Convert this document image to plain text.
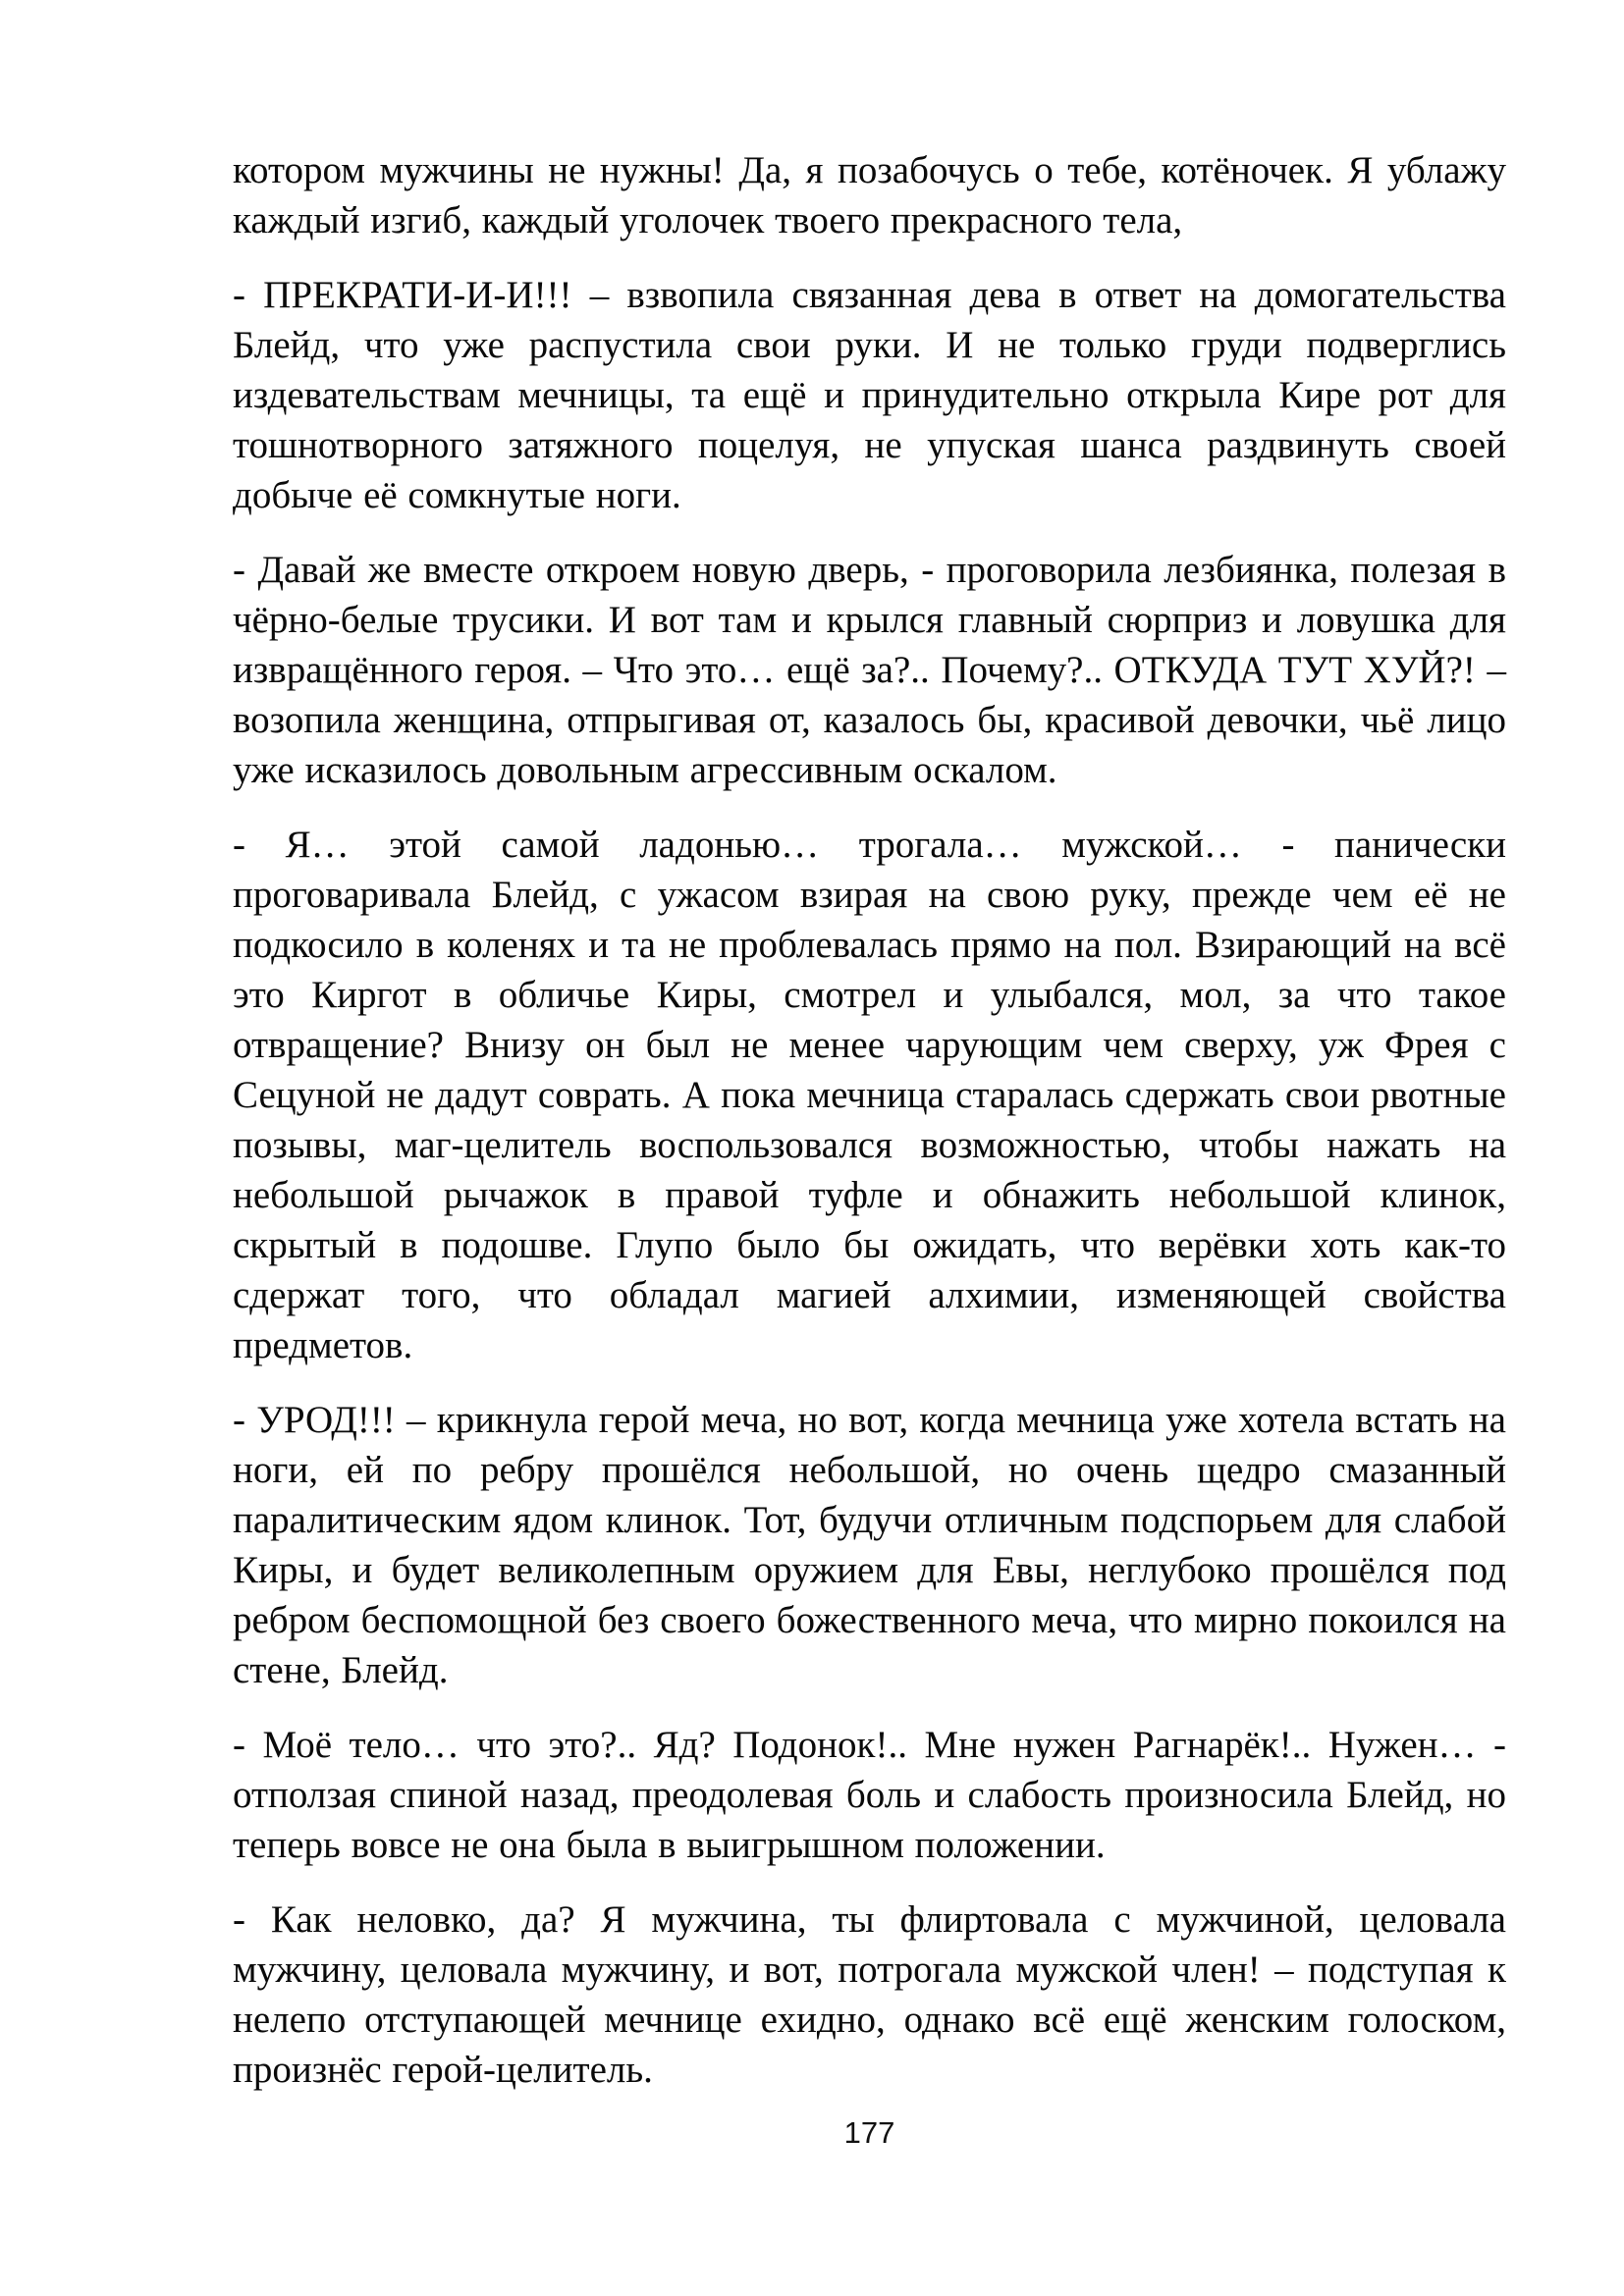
котором мужчины не нужны! Да, я позабочусь о тебе, котёночек. Я ублажу каждый изгиб, каждый уголочек твоего прекрасного тела,

- ПРЕКРАТИ-И-И!!! – взвопила связанная дева в ответ на домогательства Блейд, что уже распустила свои руки. И не только груди подверглись издевательствам мечницы, та ещё и принудительно открыла Кире рот для тошнотворного затяжного поцелуя, не упуская шанса раздвинуть своей добыче её сомкнутые ноги.

- Давай же вместе откроем новую дверь, - проговорила лезбиянка, полезая в чёрно-белые трусики. И вот там и крылся главный сюрприз и ловушка для извращённого героя. – Что это… ещё за?.. Почему?.. ОТКУДА ТУТ ХУЙ?! – возопила женщина, отпрыгивая от, казалось бы, красивой девочки, чьё лицо уже исказилось довольным агрессивным оскалом.

- Я… этой самой ладонью… трогала… мужской… - панически проговаривала Блейд, с ужасом взирая на свою руку, прежде чем её не подкосило в коленях и та не проблевалась прямо на пол. Взирающий на всё это Киргот в обличье Киры, смотрел и улыбался, мол, за что такое отвращение? Внизу он был не менее чарующим чем сверху, уж Фрея с Сецуной не дадут соврать. А пока мечница старалась сдержать свои рвотные позывы, маг-целитель воспользовался возможностью, чтобы нажать на небольшой рычажок в правой туфле и обнажить небольшой клинок, скрытый в подошве. Глупо было бы ожидать, что верёвки хоть как-то сдержат того, что обладал магией алхимии, изменяющей свойства предметов.

- УРОД!!! – крикнула герой меча, но вот, когда мечница уже хотела встать на ноги, ей по ребру прошёлся небольшой, но очень щедро смазанный паралитическим ядом клинок. Тот, будучи отличным подспорьем для слабой Киры, и будет великолепным оружием для Евы, неглубоко прошёлся под ребром беспомощной без своего божественного меча, что мирно покоился на стене, Блейд.

- Моё тело… что это?.. Яд? Подонок!.. Мне нужен Рагнарёк!.. Нужен… - отползая спиной назад, преодолевая боль и слабость произносила Блейд, но теперь вовсе не она была в выигрышном положении.

- Как неловко, да? Я мужчина, ты флиртовала с мужчиной, целовала мужчину, целовала мужчину, и вот, потрогала мужской член! – подступая к нелепо отступающей мечнице ехидно, однако всё ещё женским голоском, произнёс герой-целитель.

177
